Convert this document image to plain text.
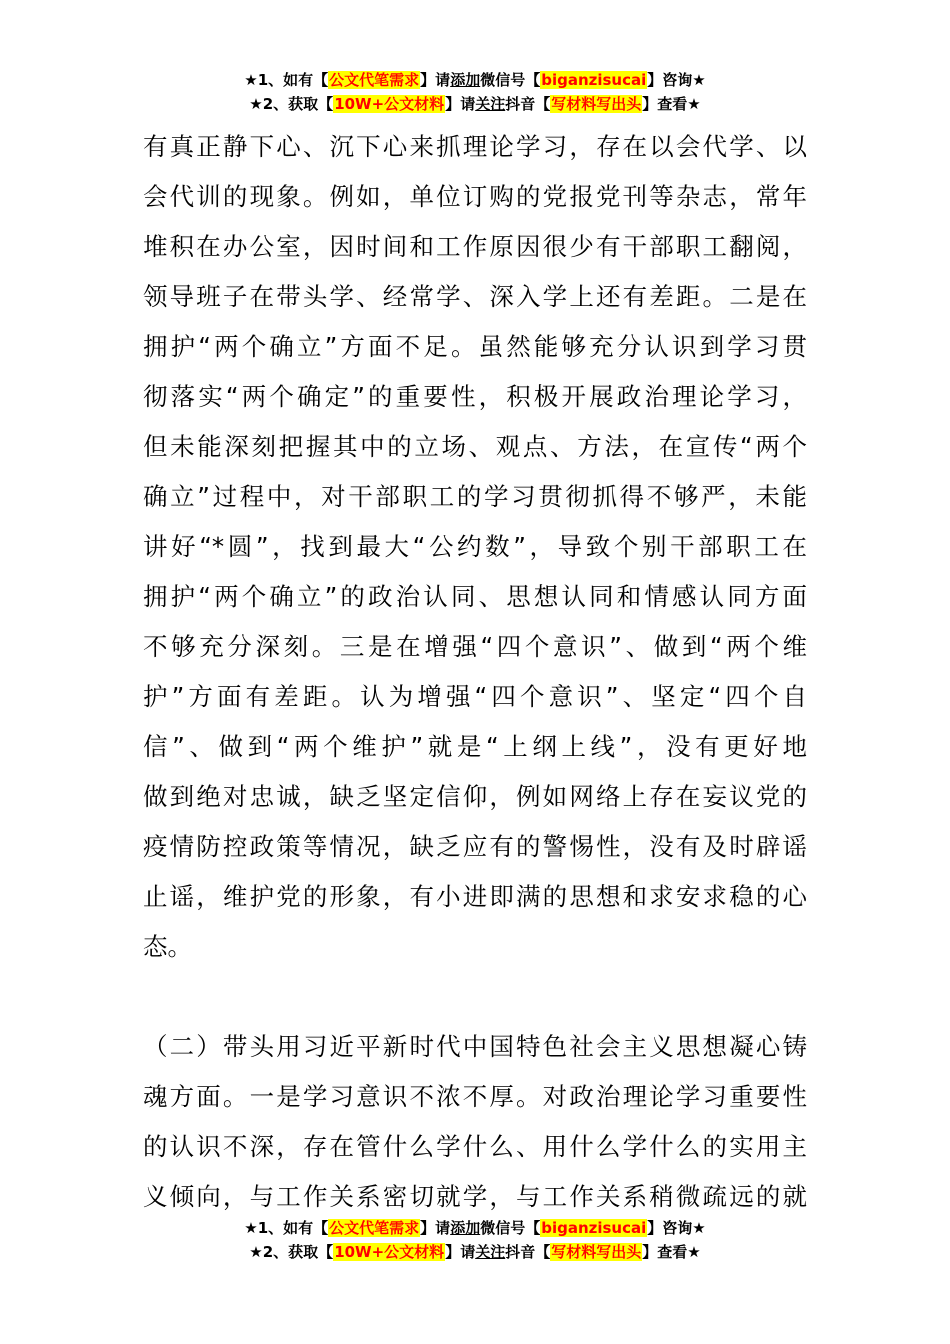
★1、如有【公文代笔需求】请添加微信号【biganzisucai】咨询★
★2、获取【10W+公文材料】请关注抖音【写材料写出头】查看★

有真正静下心、沉下心来抓理论学习，存在以会代学、以
会代训的现象。例如，单位订购的党报党刊等杂志，常年
堆积在办公室，因时间和工作原因很少有干部职工翻阅，
领导班子在带头学、经常学、深入学上还有差距。二是在
拥护“两个确立”方面不足。虽然能够充分认识到学习贯
彻落实“两个确定”的重要性，积极开展政治理论学习，
但未能深刻把握其中的立场、观点、方法，在宣传“两个
确立”过程中，对干部职工的学习贯彻抓得不够严，未能
讲好“*圆”，找到最大“公约数”，导致个别干部职工在
拥护“两个确立”的政治认同、思想认同和情感认同方面
不够充分深刻。三是在增强“四个意识”、做到“两个维
护”方面有差距。认为增强“四个意识”、坚定“四个自
信”、做到“两个维护”就是“上纲上线”，没有更好地
做到绝对忠诚，缺乏坚定信仰，例如网络上存在妄议党的
疫情防控政策等情况，缺乏应有的警惕性，没有及时辟谣
止谣，维护党的形象，有小进即满的思想和求安求稳的心
态。

（二）带头用习近平新时代中国特色社会主义思想凝心铸
魂方面。一是学习意识不浓不厚。对政治理论学习重要性
的认识不深，存在管什么学什么、用什么学什么的实用主
义倾向，与工作关系密切就学，与工作关系稍微疏远的就

★1、如有【公文代笔需求】请添加微信号【biganzisucai】咨询★
★2、获取【10W+公文材料】请关注抖音【写材料写出头】查看★
